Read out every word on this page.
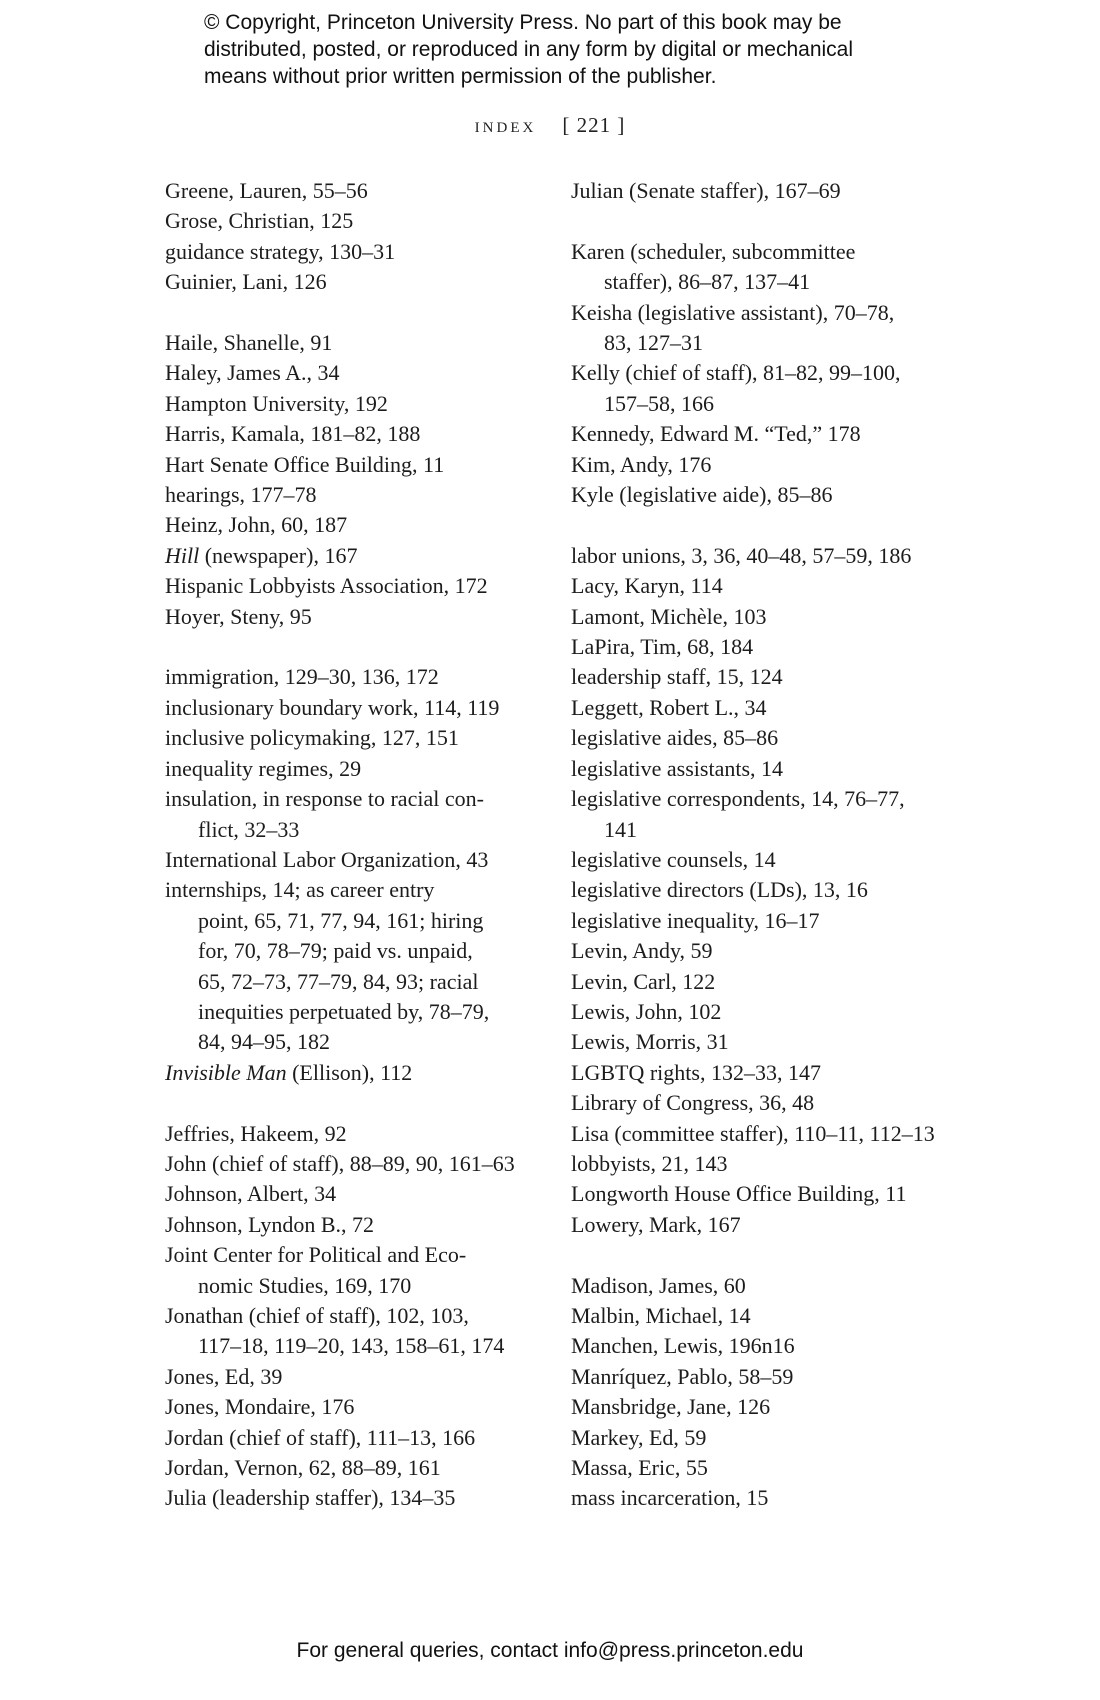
© Copyright, Princeton University Press. No part of this book may be
distributed, posted, or reproduced in any form by digital or mechanical
means without prior written permission of the publisher.
index [ 221 ]
Greene, Lauren, 55–56
Grose, Christian, 125
guidance strategy, 130–31
Guinier, Lani, 126
Haile, Shanelle, 91
Haley, James A., 34
Hampton University, 192
Harris, Kamala, 181–82, 188
Hart Senate Office Building, 11
hearings, 177–78
Heinz, John, 60, 187
Hill (newspaper), 167
Hispanic Lobbyists Association, 172
Hoyer, Steny, 95
immigration, 129–30, 136, 172
inclusionary boundary work, 114, 119
inclusive policymaking, 127, 151
inequality regimes, 29
insulation, in response to racial con-
flict, 32–33
International Labor Organization, 43
internships, 14; as career entry
point, 65, 71, 77, 94, 161; hiring
for, 70, 78–79; paid vs. unpaid,
65, 72–73, 77–79, 84, 93; racial
inequities perpetuated by, 78–79,
84, 94–95, 182
Invisible Man (Ellison), 112
Jeffries, Hakeem, 92
John (chief of staff), 88–89, 90, 161–63
Johnson, Albert, 34
Johnson, Lyndon B., 72
Joint Center for Political and Eco-
nomic Studies, 169, 170
Jonathan (chief of staff), 102, 103,
117–18, 119–20, 143, 158–61, 174
Jones, Ed, 39
Jones, Mondaire, 176
Jordan (chief of staff), 111–13, 166
Jordan, Vernon, 62, 88–89, 161
Julia (leadership staffer), 134–35
Julian (Senate staffer), 167–69
Karen (scheduler, subcommittee
staffer), 86–87, 137–41
Keisha (legislative assistant), 70–78,
83, 127–31
Kelly (chief of staff), 81–82, 99–100,
157–58, 166
Kennedy, Edward M. “Ted,” 178
Kim, Andy, 176
Kyle (legislative aide), 85–86
labor unions, 3, 36, 40–48, 57–59, 186
Lacy, Karyn, 114
Lamont, Michèle, 103
LaPira, Tim, 68, 184
leadership staff, 15, 124
Leggett, Robert L., 34
legislative aides, 85–86
legislative assistants, 14
legislative correspondents, 14, 76–77,
141
legislative counsels, 14
legislative directors (LDs), 13, 16
legislative inequality, 16–17
Levin, Andy, 59
Levin, Carl, 122
Lewis, John, 102
Lewis, Morris, 31
LGBTQ rights, 132–33, 147
Library of Congress, 36, 48
Lisa (committee staffer), 110–11, 112–13
lobbyists, 21, 143
Longworth House Office Building, 11
Lowery, Mark, 167
Madison, James, 60
Malbin, Michael, 14
Manchen, Lewis, 196n16
Manríquez, Pablo, 58–59
Mansbridge, Jane, 126
Markey, Ed, 59
Massa, Eric, 55
mass incarceration, 15
For general queries, contact info@press.princeton.edu
